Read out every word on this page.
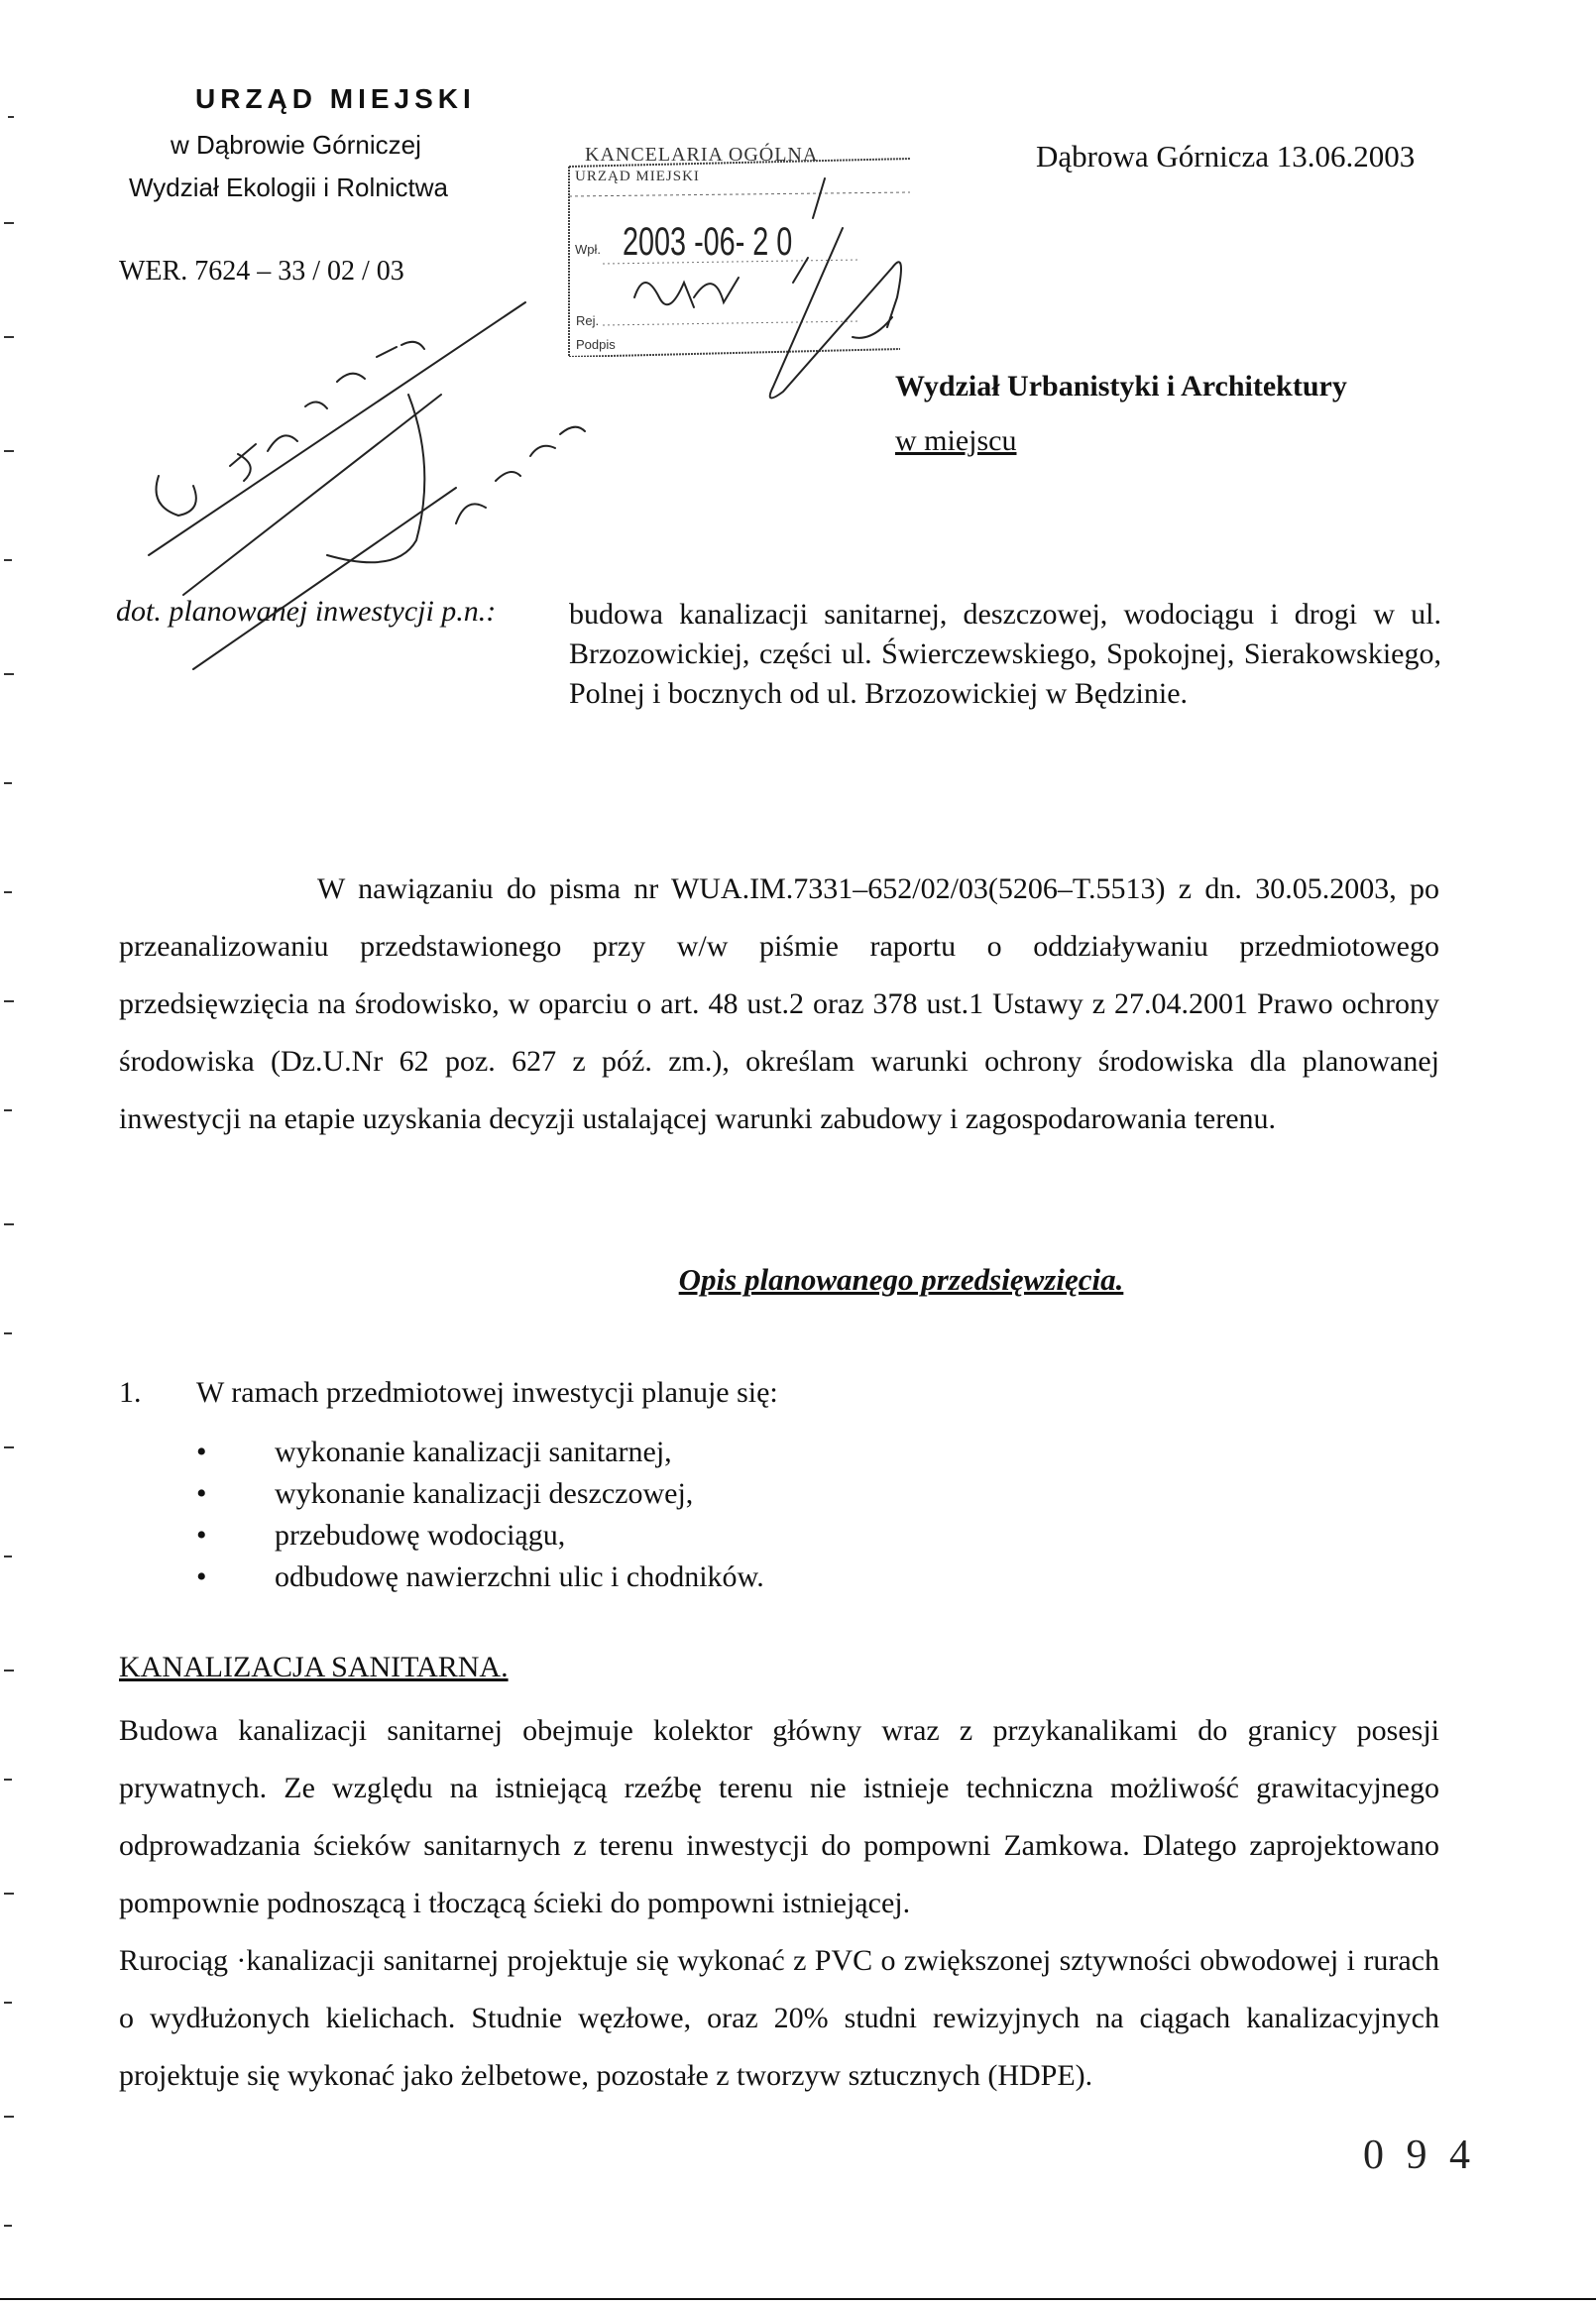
URZĄD MIEJSKI
w Dąbrowie Górniczej
Wydział Ekologii i Rolnictwa
WER. 7624 – 33 / 02 / 03
KANCELARIA OGÓLNA
URZĄD MIEJSKI
Wpł. 2003 -06- 2 0
Rej.
Podpis
Dąbrowa Górnicza 13.06.2003
Wydział Urbanistyki i Architektury
w miejscu
dot. planowanej inwestycji p.n.: budowa kanalizacji sanitarnej, deszczowej, wodociągu i drogi w ul. Brzozowickiej, części ul. Świerczewskiego, Spokojnej, Sierakowskiego, Polnej i bocznych od ul. Brzozowickiej w Będzinie.
W nawiązaniu do pisma nr WUA.IM.7331–652/02/03(5206–T.5513) z dn. 30.05.2003, po przeanalizowaniu przedstawionego przy w/w piśmie raportu o oddziaływaniu przedmiotowego przedsięwzięcia na środowisko, w oparciu o art. 48 ust.2 oraz 378 ust.1 Ustawy z 27.04.2001 Prawo ochrony środowiska (Dz.U.Nr 62 poz. 627 z póź. zm.), określam warunki ochrony środowiska dla planowanej inwestycji na etapie uzyskania decyzji ustalającej warunki zabudowy i zagospodarowania terenu.
Opis planowanego przedsięwzięcia.
1. W ramach przedmiotowej inwestycji planuje się:
• wykonanie kanalizacji sanitarnej,
• wykonanie kanalizacji deszczowej,
• przebudowę wodociągu,
• odbudowę nawierzchni ulic i chodników.
KANALIZACJA SANITARNA.
Budowa kanalizacji sanitarnej obejmuje kolektor główny wraz z przykanalikami do granicy posesji prywatnych. Ze względu na istniejącą rzeźbę terenu nie istnieje techniczna możliwość grawitacyjnego odprowadzania ścieków sanitarnych z terenu inwestycji do pompowni Zamkowa. Dlatego zaprojektowano pompownie podnoszącą i tłoczącą ścieki do pompowni istniejącej.
Rurociąg ·kanalizacji sanitarnej projektuje się wykonać z PVC o zwiększonej sztywności obwodowej i rurach o wydłużonych kielichach. Studnie węzłowe, oraz 20% studni rewizyjnych na ciągach kanalizacyjnych projektuje się wykonać jako żelbetowe, pozostałe z tworzyw sztucznych (HDPE).
0 9 4
